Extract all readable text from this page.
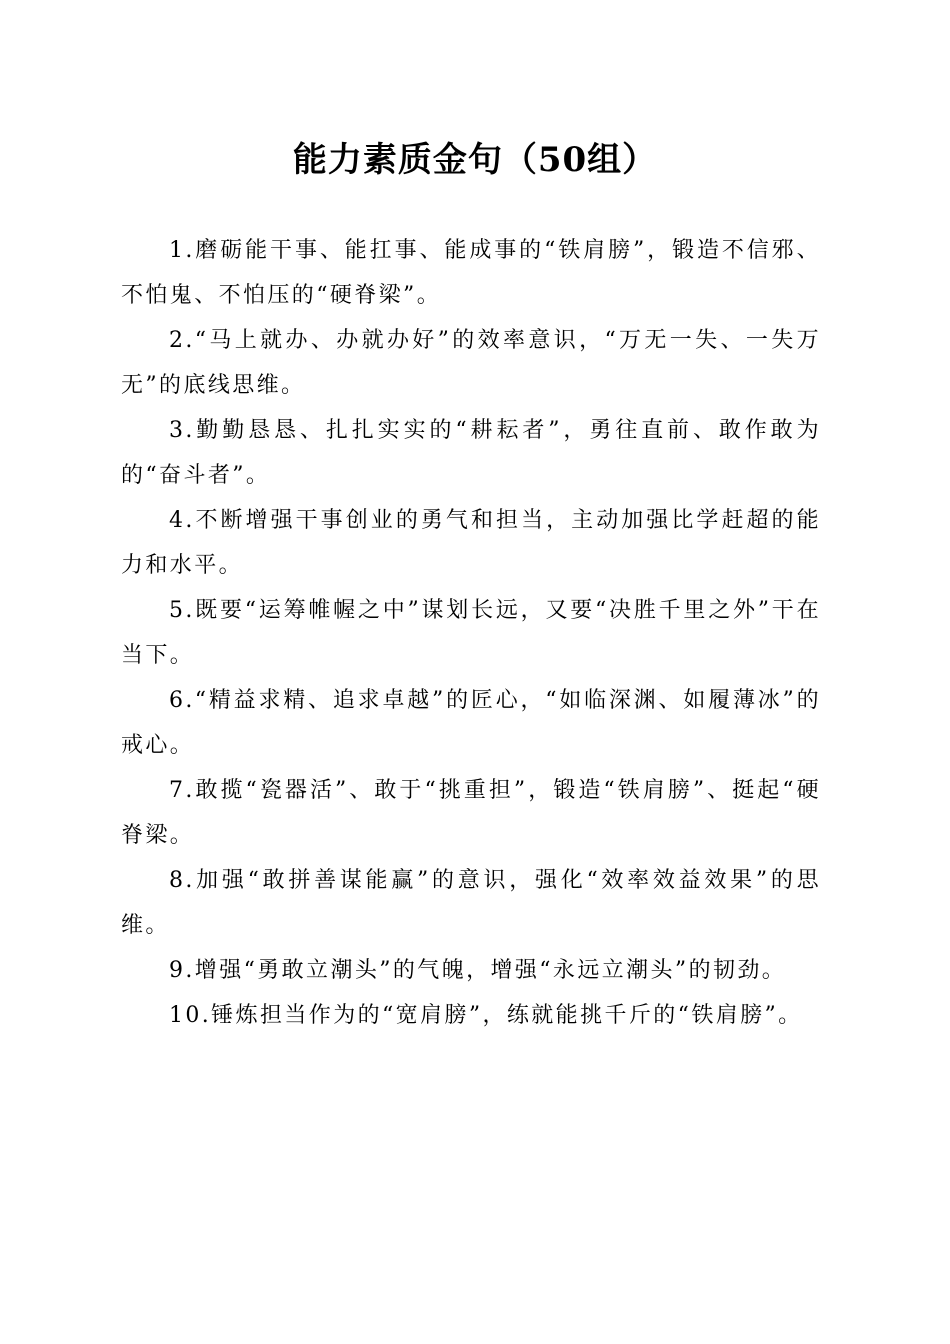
能力素质金句（50组）
1.磨砺能干事、能扛事、能成事的“铁肩膀”，锻造不信邪、不怕鬼、不怕压的“硬脊梁”。
2.“马上就办、办就办好”的效率意识，“万无一失、一失万无”的底线思维。
3.勤勤恳恳、扎扎实实的“耕耘者”，勇往直前、敢作敢为的“奋斗者”。
4.不断增强干事创业的勇气和担当，主动加强比学赶超的能力和水平。
5.既要“运筹帷幄之中”谋划长远，又要“决胜千里之外”干在当下。
6.“精益求精、追求卓越”的匠心，“如临深渊、如履薄冰”的戒心。
7.敢揽“瓷器活”、敢于“挑重担”，锻造“铁肩膀”、挺起“硬脊梁。
8.加强“敢拼善谋能赢”的意识，强化“效率效益效果”的思维。
9.增强“勇敢立潮头”的气魄，增强“永远立潮头”的韧劲。
10.锤炼担当作为的“宽肩膀”，练就能挑千斤的“铁肩膀”。
